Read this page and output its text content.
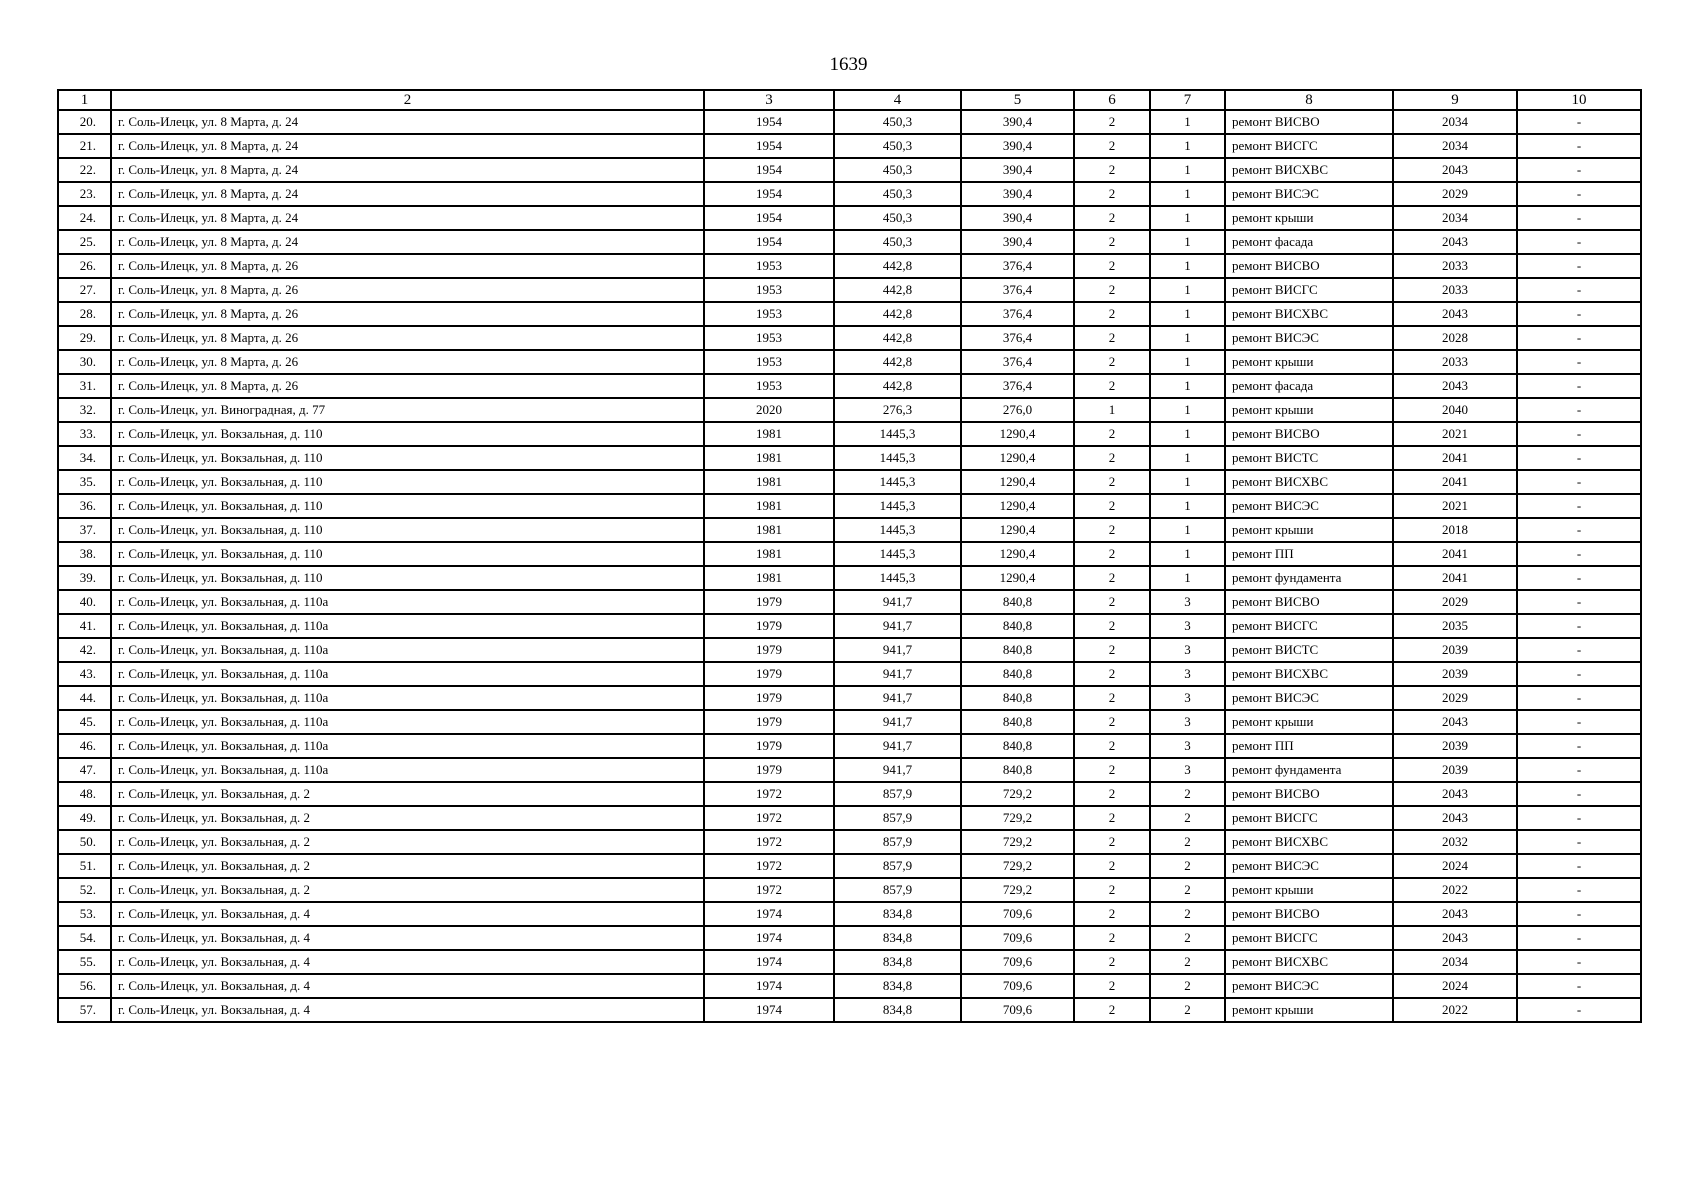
1639
1	2	3	4	5	6	7	8	9	10
20.	г. Соль-Илецк, ул. 8 Марта, д. 24	1954	450,3	390,4	2	1	ремонт ВИСВО	2034	-
21.	г. Соль-Илецк, ул. 8 Марта, д. 24	1954	450,3	390,4	2	1	ремонт ВИСГС	2034	-
22.	г. Соль-Илецк, ул. 8 Марта, д. 24	1954	450,3	390,4	2	1	ремонт ВИСХВС	2043	-
23.	г. Соль-Илецк, ул. 8 Марта, д. 24	1954	450,3	390,4	2	1	ремонт ВИСЭС	2029	-
24.	г. Соль-Илецк, ул. 8 Марта, д. 24	1954	450,3	390,4	2	1	ремонт крыши	2034	-
25.	г. Соль-Илецк, ул. 8 Марта, д. 24	1954	450,3	390,4	2	1	ремонт фасада	2043	-
26.	г. Соль-Илецк, ул. 8 Марта, д. 26	1953	442,8	376,4	2	1	ремонт ВИСВО	2033	-
27.	г. Соль-Илецк, ул. 8 Марта, д. 26	1953	442,8	376,4	2	1	ремонт ВИСГС	2033	-
28.	г. Соль-Илецк, ул. 8 Марта, д. 26	1953	442,8	376,4	2	1	ремонт ВИСХВС	2043	-
29.	г. Соль-Илецк, ул. 8 Марта, д. 26	1953	442,8	376,4	2	1	ремонт ВИСЭС	2028	-
30.	г. Соль-Илецк, ул. 8 Марта, д. 26	1953	442,8	376,4	2	1	ремонт крыши	2033	-
31.	г. Соль-Илецк, ул. 8 Марта, д. 26	1953	442,8	376,4	2	1	ремонт фасада	2043	-
32.	г. Соль-Илецк, ул. Виноградная, д. 77	2020	276,3	276,0	1	1	ремонт крыши	2040	-
33.	г. Соль-Илецк, ул. Вокзальная, д. 110	1981	1445,3	1290,4	2	1	ремонт ВИСВО	2021	-
34.	г. Соль-Илецк, ул. Вокзальная, д. 110	1981	1445,3	1290,4	2	1	ремонт ВИСТС	2041	-
35.	г. Соль-Илецк, ул. Вокзальная, д. 110	1981	1445,3	1290,4	2	1	ремонт ВИСХВС	2041	-
36.	г. Соль-Илецк, ул. Вокзальная, д. 110	1981	1445,3	1290,4	2	1	ремонт ВИСЭС	2021	-
37.	г. Соль-Илецк, ул. Вокзальная, д. 110	1981	1445,3	1290,4	2	1	ремонт крыши	2018	-
38.	г. Соль-Илецк, ул. Вокзальная, д. 110	1981	1445,3	1290,4	2	1	ремонт ПП	2041	-
39.	г. Соль-Илецк, ул. Вокзальная, д. 110	1981	1445,3	1290,4	2	1	ремонт фундамента	2041	-
40.	г. Соль-Илецк, ул. Вокзальная, д. 110а	1979	941,7	840,8	2	3	ремонт ВИСВО	2029	-
41.	г. Соль-Илецк, ул. Вокзальная, д. 110а	1979	941,7	840,8	2	3	ремонт ВИСГС	2035	-
42.	г. Соль-Илецк, ул. Вокзальная, д. 110а	1979	941,7	840,8	2	3	ремонт ВИСТС	2039	-
43.	г. Соль-Илецк, ул. Вокзальная, д. 110а	1979	941,7	840,8	2	3	ремонт ВИСХВС	2039	-
44.	г. Соль-Илецк, ул. Вокзальная, д. 110а	1979	941,7	840,8	2	3	ремонт ВИСЭС	2029	-
45.	г. Соль-Илецк, ул. Вокзальная, д. 110а	1979	941,7	840,8	2	3	ремонт крыши	2043	-
46.	г. Соль-Илецк, ул. Вокзальная, д. 110а	1979	941,7	840,8	2	3	ремонт ПП	2039	-
47.	г. Соль-Илецк, ул. Вокзальная, д. 110а	1979	941,7	840,8	2	3	ремонт фундамента	2039	-
48.	г. Соль-Илецк, ул. Вокзальная, д. 2	1972	857,9	729,2	2	2	ремонт ВИСВО	2043	-
49.	г. Соль-Илецк, ул. Вокзальная, д. 2	1972	857,9	729,2	2	2	ремонт ВИСГС	2043	-
50.	г. Соль-Илецк, ул. Вокзальная, д. 2	1972	857,9	729,2	2	2	ремонт ВИСХВС	2032	-
51.	г. Соль-Илецк, ул. Вокзальная, д. 2	1972	857,9	729,2	2	2	ремонт ВИСЭС	2024	-
52.	г. Соль-Илецк, ул. Вокзальная, д. 2	1972	857,9	729,2	2	2	ремонт крыши	2022	-
53.	г. Соль-Илецк, ул. Вокзальная, д. 4	1974	834,8	709,6	2	2	ремонт ВИСВО	2043	-
54.	г. Соль-Илецк, ул. Вокзальная, д. 4	1974	834,8	709,6	2	2	ремонт ВИСГС	2043	-
55.	г. Соль-Илецк, ул. Вокзальная, д. 4	1974	834,8	709,6	2	2	ремонт ВИСХВС	2034	-
56.	г. Соль-Илецк, ул. Вокзальная, д. 4	1974	834,8	709,6	2	2	ремонт ВИСЭС	2024	-
57.	г. Соль-Илецк, ул. Вокзальная, д. 4	1974	834,8	709,6	2	2	ремонт крыши	2022	-
